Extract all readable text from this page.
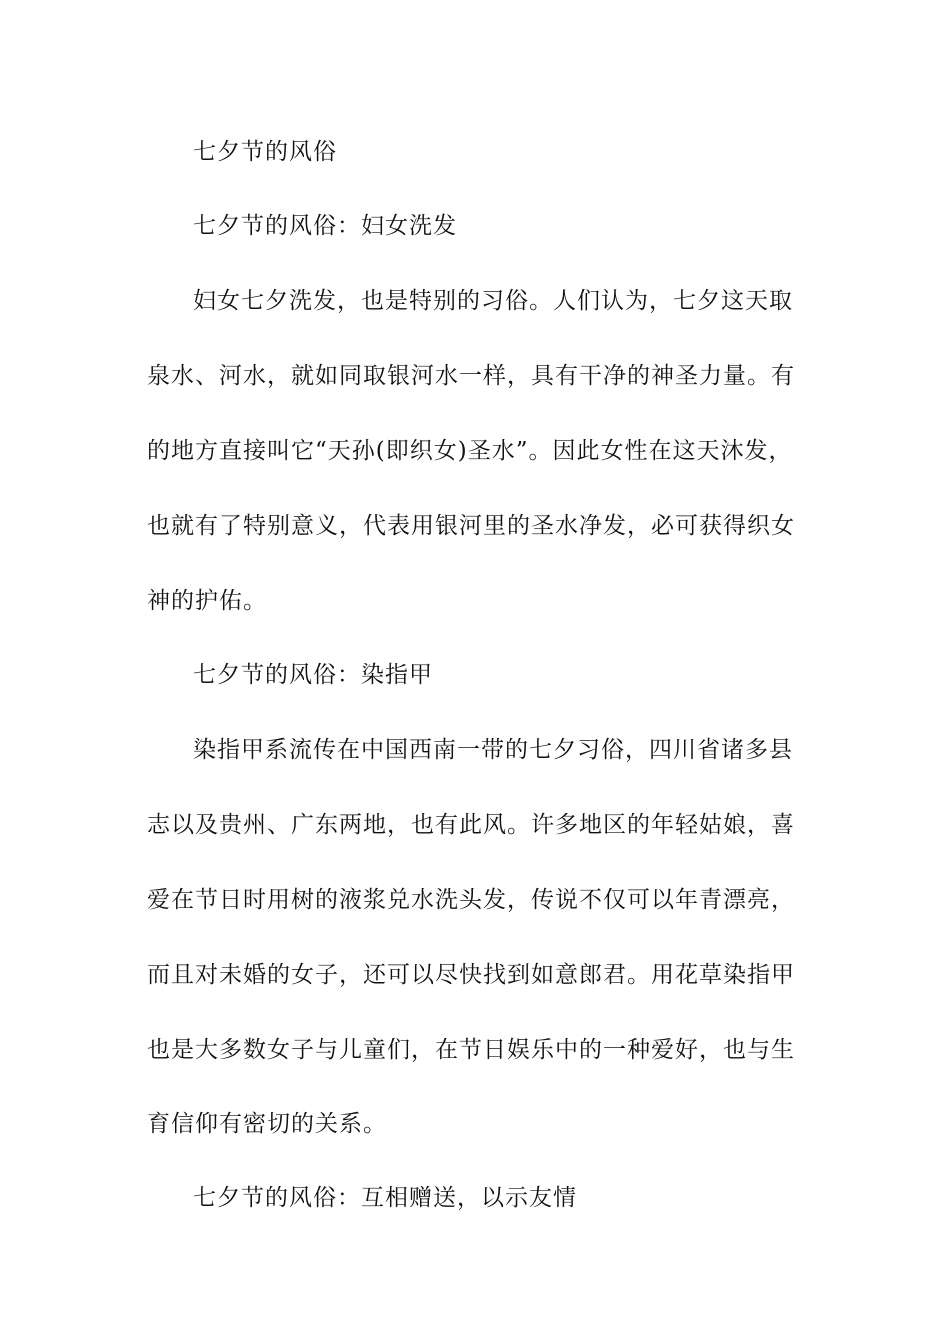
七夕节的风俗
七夕节的风俗：妇女洗发
妇女七夕洗发，也是特别的习俗。人们认为，七夕这天取
泉水、河水，就如同取银河水一样，具有干净的神圣力量。有
的地方直接叫它“天孙(即织女)圣水”。因此女性在这天沐发，
也就有了特别意义，代表用银河里的圣水净发，必可获得织女
神的护佑。
七夕节的风俗：染指甲
染指甲系流传在中国西南一带的七夕习俗，四川省诸多县
志以及贵州、广东两地，也有此风。许多地区的年轻姑娘，喜
爱在节日时用树的液浆兑水洗头发，传说不仅可以年青漂亮，
而且对未婚的女子，还可以尽快找到如意郎君。用花草染指甲
也是大多数女子与儿童们，在节日娱乐中的一种爱好，也与生
育信仰有密切的关系。
七夕节的风俗：互相赠送，以示友情
